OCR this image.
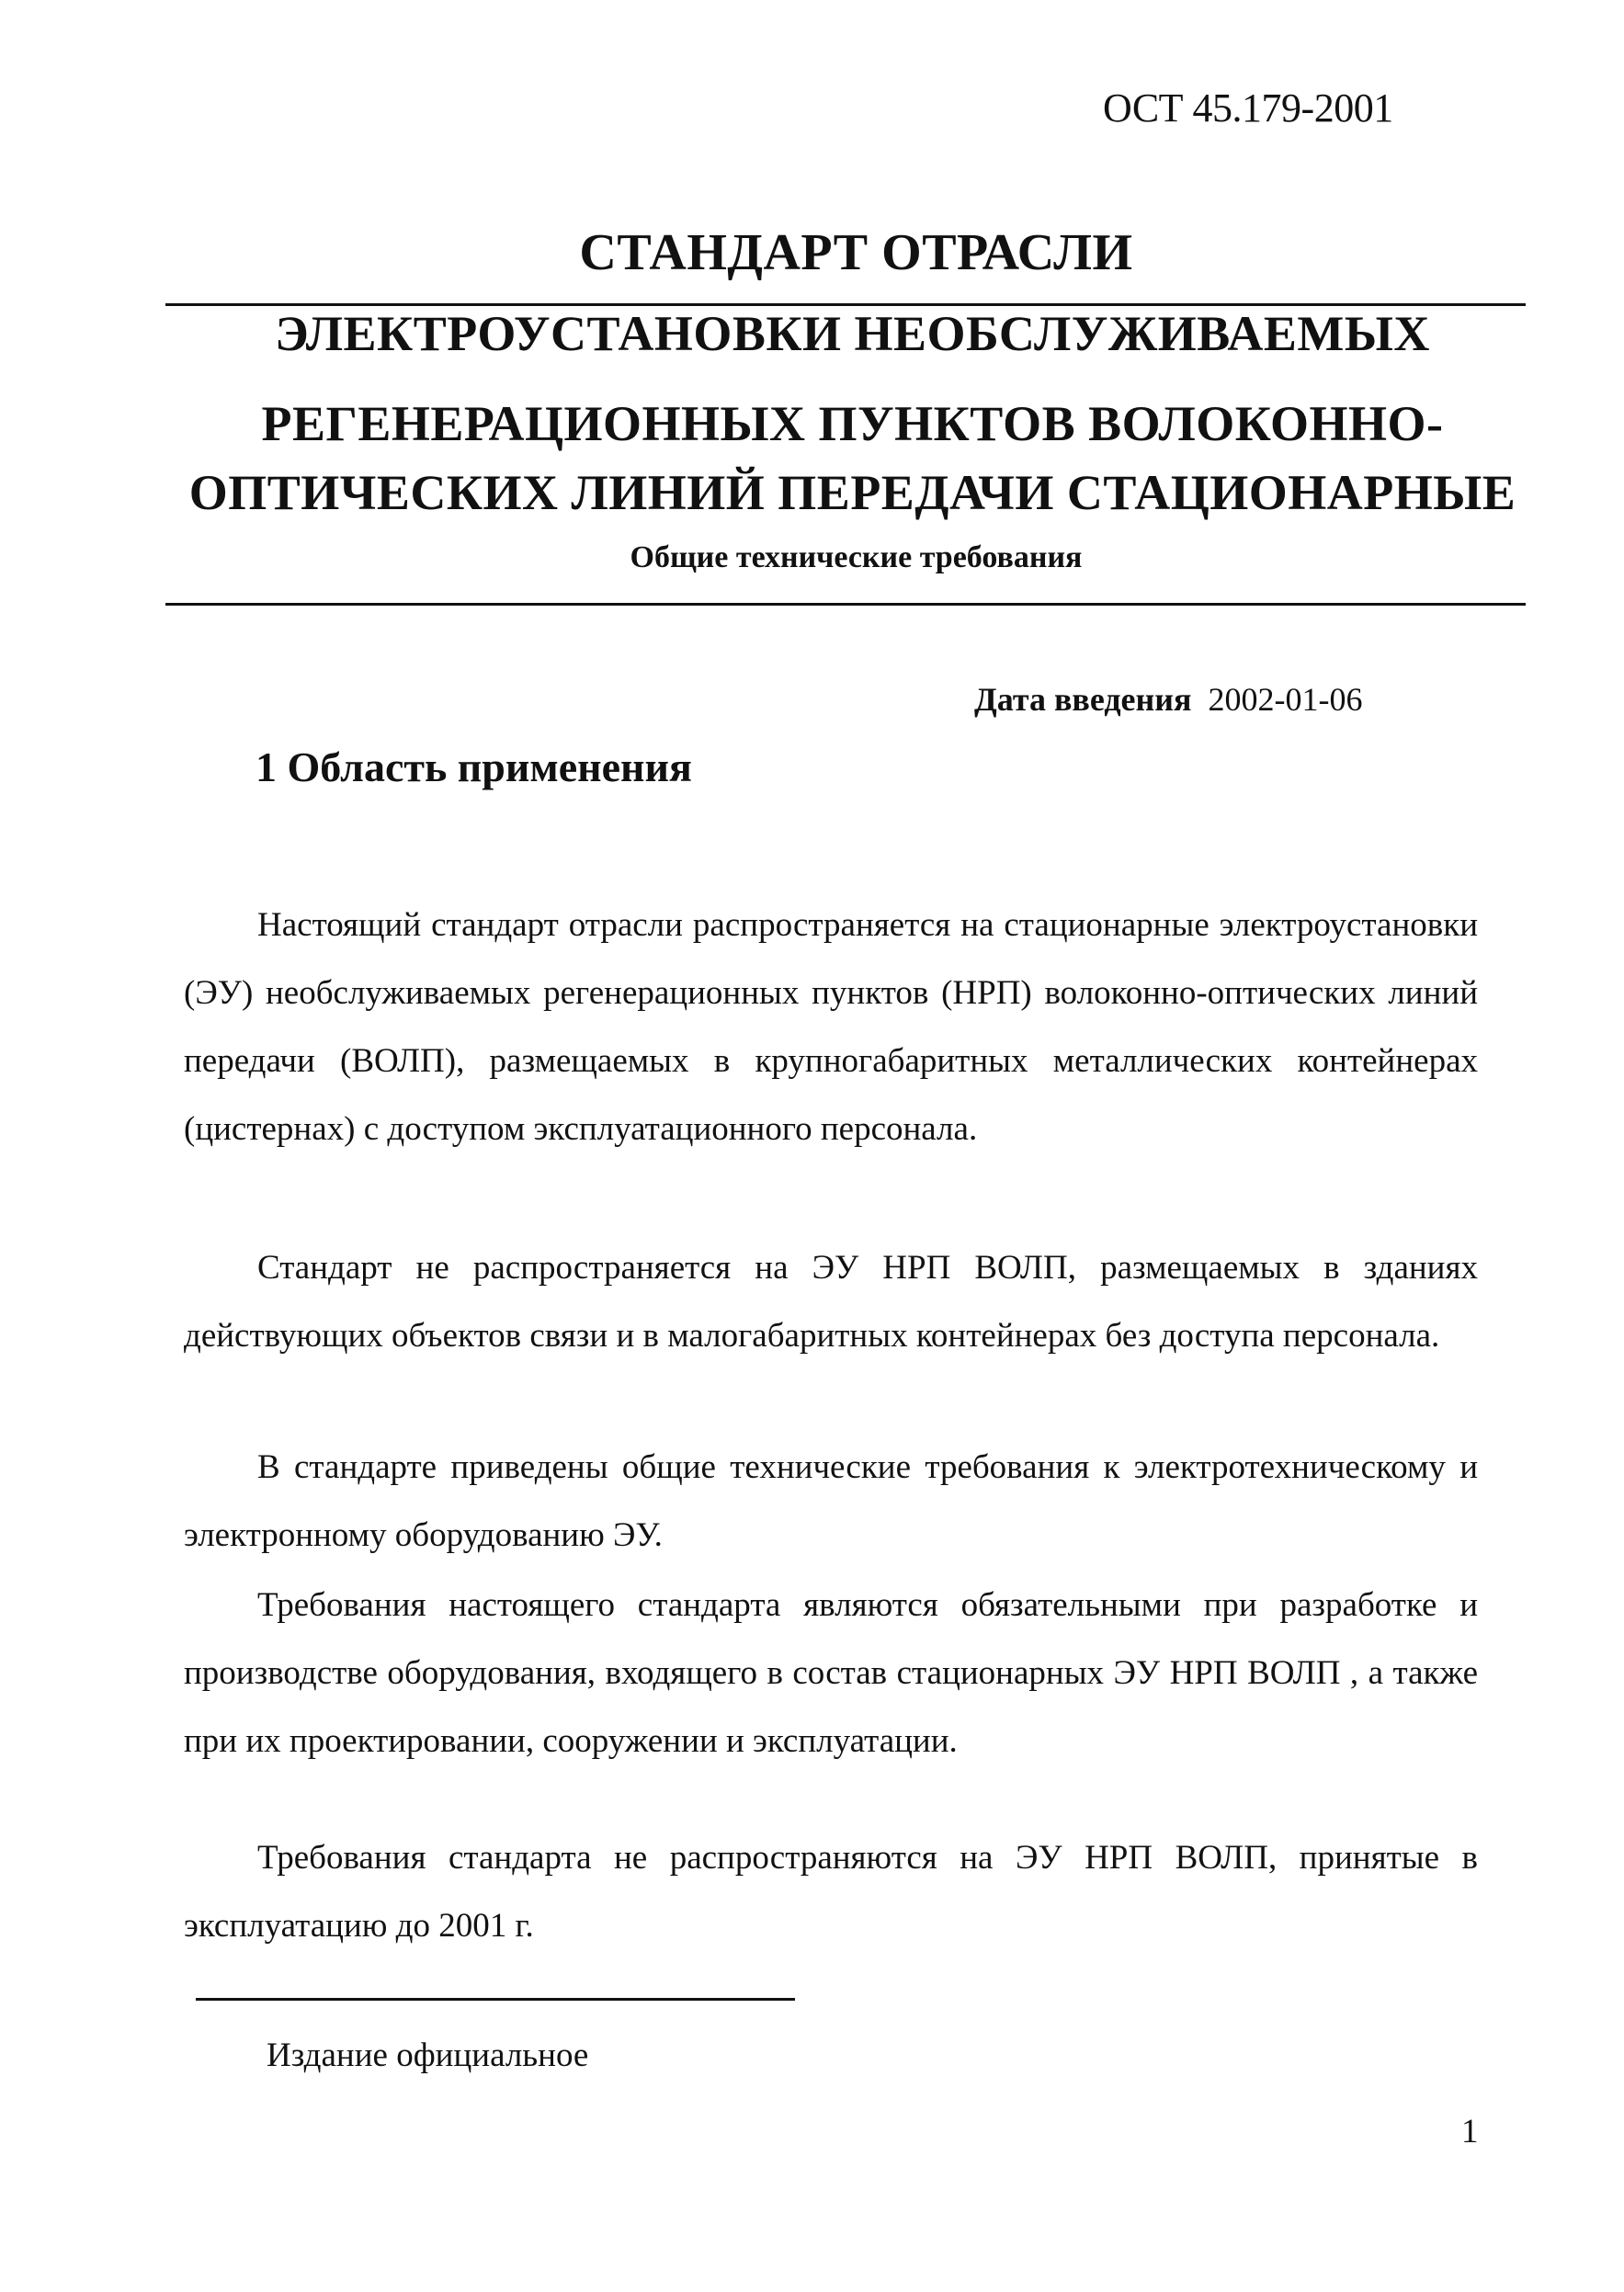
ОСТ 45.179-2001
СТАНДАРТ ОТРАСЛИ
ЭЛЕКТРОУСТАНОВКИ НЕОБСЛУЖИВАЕМЫХ
РЕГЕНЕРАЦИОННЫХ ПУНКТОВ ВОЛОКОННО-
ОПТИЧЕСКИХ ЛИНИЙ ПЕРЕДАЧИ СТАЦИОНАРНЫЕ
Общие технические требования
Дата введения 2002-01-06
1 Область применения
Настоящий стандарт отрасли распространяется на стационарные электроустановки (ЭУ) необслуживаемых регенерационных пунктов (НРП) волоконно-оптических линий передачи (ВОЛП), размещаемых в крупногабаритных металлических контейнерах (цистернах) с доступом эксплуатационного персонала.
Стандарт не распространяется на ЭУ НРП ВОЛП, размещаемых в зданиях действующих объектов связи и в малогабаритных контейнерах без доступа персонала.
В стандарте приведены общие технические требования к электротехническому и электронному оборудованию ЭУ.
Требования настоящего стандарта являются обязательными при разработке и производстве оборудования, входящего в состав стационарных ЭУ НРП ВОЛП , а также при их проектировании, сооружении и эксплуатации.
Требования стандарта не распространяются на ЭУ НРП ВОЛП, принятые в эксплуатацию до 2001 г.
Издание официальное
1
